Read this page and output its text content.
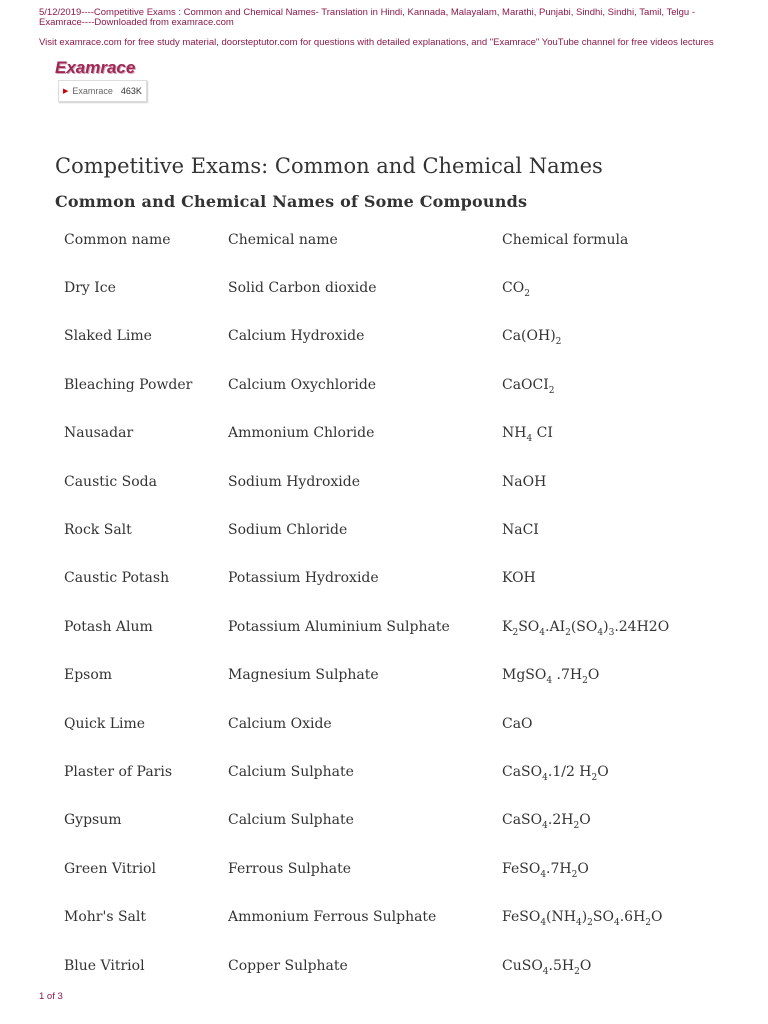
5/12/2019----Competitive Exams : Common and Chemical Names- Translation in Hindi, Kannada, Malayalam, Marathi, Punjabi, Sindhi, Sindhi, Tamil, Telgu - Examrace----Downloaded from examrace.com
Visit examrace.com for free study material, doorsteptutor.com for questions with detailed explanations, and "Examrace" YouTube channel for free videos lectures
Examrace
▶ Examrace 463K
Competitive Exams: Common and Chemical Names
Common and Chemical Names of Some Compounds
Common name	Chemical name	Chemical formula
Dry Ice	Solid Carbon dioxide	$CO_2$
Slaked Lime	Calcium Hydroxide	$Ca(OH)_2$
Bleaching Powder	Calcium Oxychloride	CaOCI$_2$
Nausadar	Ammonium Chloride	$NH_4$ CI
Caustic Soda	Sodium Hydroxide	NaOH
Rock Salt	Sodium Chloride	NaCI
Caustic Potash	Potassium Hydroxide	KOH
Potash Alum	Potassium Aluminium Sulphate	$K_2SO_4.AI_2(SO_4)_3.24H2O$
Epsom	Magnesium Sulphate	MgSO$_4$ $.7H_2O$
Quick Lime	Calcium Oxide	CaO
Plaster of Paris	Calcium Sulphate	CaSO$_4$.1/2 $H_2O$
Gypsum	Calcium Sulphate	$CaSO_4.2H_2O$
Green Vitriol	Ferrous Sulphate	$FeSO_4.7H_2O$
Mohr's Salt	Ammonium Ferrous Sulphate	$FeSO_4(NH_4)_2SO_4.6H_2O$
Blue Vitriol	Copper Sulphate	$CuSO_4.5H_2O$
1 of 3
